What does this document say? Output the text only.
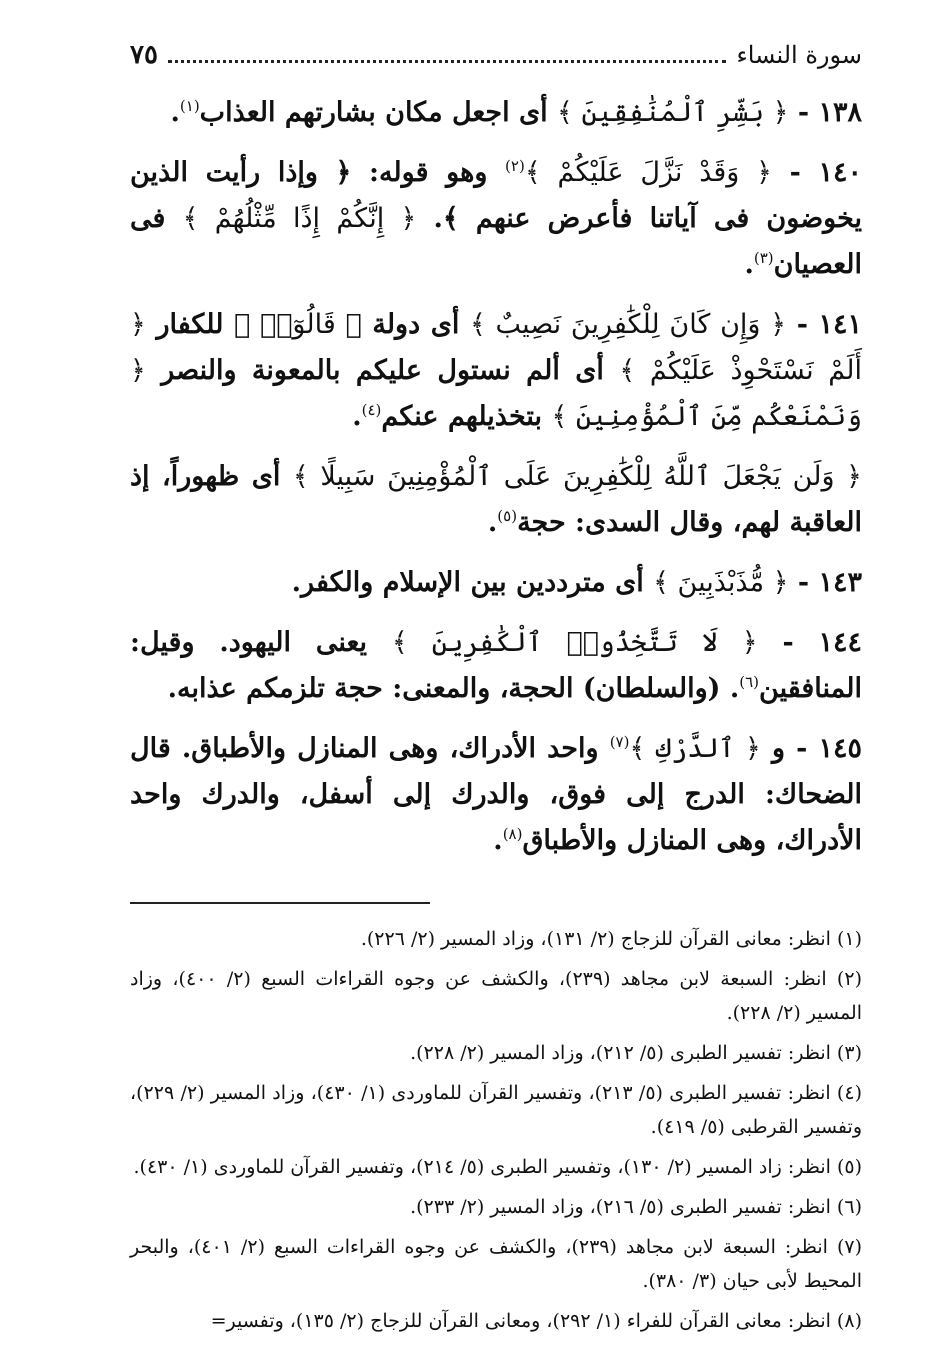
سورة النساء
٧٥

١٣٨ - ﴿ بَشِّرِ ٱلْمُنَٰفِقِينَ ﴾ أى اجعل مكان بشارتهم العذاب$^{(١)}$.

١٤٠ - ﴿ وَقَدْ نَزَّلَ عَلَيْكُمْ ﴾$^{(٢)}$ وهو قوله: ﴿ وإذا رأيت الذين يخوضون فى آياتنا فأعرض عنهم ﴾. ﴿ إِنَّكُمْ إِذًا مِّثْلُهُمْ ﴾ فى العصيان$^{(٣)}$.

١٤١ - ﴿ وَإِن كَانَ لِلْكَٰفِرِينَ نَصِيبٌ ﴾ أى دولة ﴿ قَالُوٓا۟ ﴾ للكفار ﴿ أَلَمْ نَسْتَحْوِذْ عَلَيْكُمْ ﴾ أى ألم نستول عليكم بالمعونة والنصر ﴿ وَنَمْنَعْكُم مِّنَ ٱلْمُؤْمِنِينَ ﴾ بتخذيلهم عنكم$^{(٤)}$.

﴿ وَلَن يَجْعَلَ ٱللَّهُ لِلْكَٰفِرِينَ عَلَى ٱلْمُؤْمِنِينَ سَبِيلًا ﴾ أى ظهوراً، إذ العاقبة لهم، وقال السدى: حجة$^{(٥)}$.

١٤٣ - ﴿ مُّذَبْذَبِينَ ﴾ أى مترددين بين الإسلام والكفر.

١٤٤ - ﴿ لَا تَتَّخِذُوا۟ ٱلْكَٰفِرِينَ ﴾ يعنى اليهود. وقيل: المنافقين$^{(٦)}$. (والسلطان) الحجة، والمعنى: حجة تلزمكم عذابه.

١٤٥ - و ﴿ ٱلدَّرْكِ ﴾$^{(٧)}$ واحد الأدراك، وهى المنازل والأطباق. قال الضحاك: الدرج إلى فوق، والدرك إلى أسفل، والدرك واحد الأدراك، وهى المنازل والأطباق$^{(٨)}$.

(١) انظر: معانى القرآن للزجاج (٢/ ١٣١)، وزاد المسير (٢/ ٢٢٦).

(٢) انظر: السبعة لابن مجاهد (٢٣٩)، والكشف عن وجوه القراءات السبع (٢/ ٤٠٠)، وزاد المسير (٢/ ٢٢٨).

(٣) انظر: تفسير الطبرى (٥/ ٢١٢)، وزاد المسير (٢/ ٢٢٨).

(٤) انظر: تفسير الطبرى (٥/ ٢١٣)، وتفسير القرآن للماوردى (١/ ٤٣٠)، وزاد المسير (٢/ ٢٢٩)، وتفسير القرطبى (٥/ ٤١٩).

(٥) انظر: زاد المسير (٢/ ١٣٠)، وتفسير الطبرى (٥/ ٢١٤)، وتفسير القرآن للماوردى (١/ ٤٣٠).

(٦) انظر: تفسير الطبرى (٥/ ٢١٦)، وزاد المسير (٢/ ٢٣٣).

(٧) انظر: السبعة لابن مجاهد (٢٣٩)، والكشف عن وجوه القراءات السبع (٢/ ٤٠١)، والبحر المحيط لأبى حيان (٣/ ٣٨٠).

(٨) انظر: معانى القرآن للفراء (١/ ٢٩٢)، ومعانى القرآن للزجاج (٢/ ١٣٥)، وتفسير=
